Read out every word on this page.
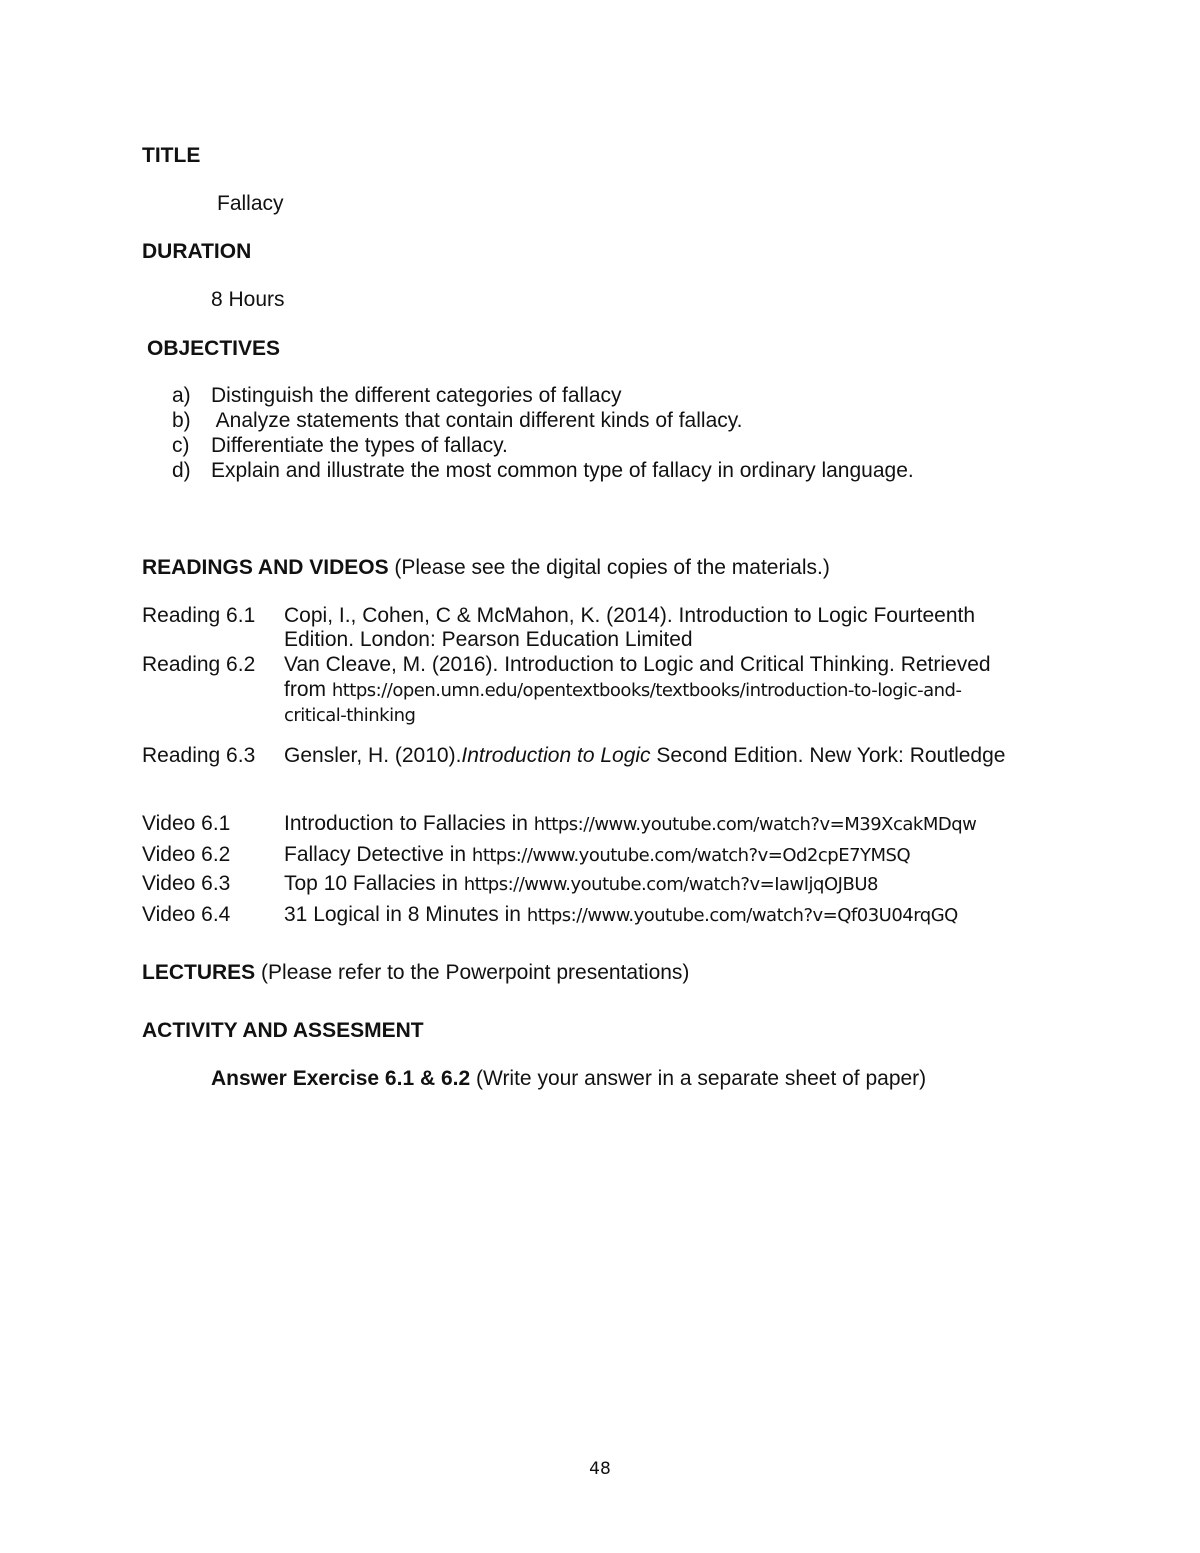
TITLE
Fallacy
DURATION
8 Hours
OBJECTIVES
a) Distinguish the different categories of fallacy
b) Analyze statements that contain different kinds of fallacy.
c) Differentiate the types of fallacy.
d) Explain and illustrate the most common type of fallacy in ordinary language.
READINGS AND VIDEOS (Please see the digital copies of the materials.)
Reading 6.1 Copi, I., Cohen, C & McMahon, K. (2014). Introduction to Logic Fourteenth
Edition. London: Pearson Education Limited
Reading 6.2 Van Cleave, M. (2016). Introduction to Logic and Critical Thinking. Retrieved
from https://open.umn.edu/opentextbooks/textbooks/introduction-to-logic-and-
critical-thinking
Reading 6.3 Gensler, H. (2010).Introduction to Logic Second Edition. New York: Routledge
Video 6.1	Introduction to Fallacies in https://www.youtube.com/watch?v=M39XcakMDqw
Video 6.2	Fallacy Detective in https://www.youtube.com/watch?v=Od2cpE7YMSQ
Video 6.3	Top 10 Fallacies in https://www.youtube.com/watch?v=IawIjqOJBU8
Video 6.4	31 Logical in 8 Minutes in https://www.youtube.com/watch?v=Qf03U04rqGQ
LECTURES (Please refer to the Powerpoint presentations)
ACTIVITY AND ASSESMENT
Answer Exercise 6.1 & 6.2 (Write your answer in a separate sheet of paper)
48
